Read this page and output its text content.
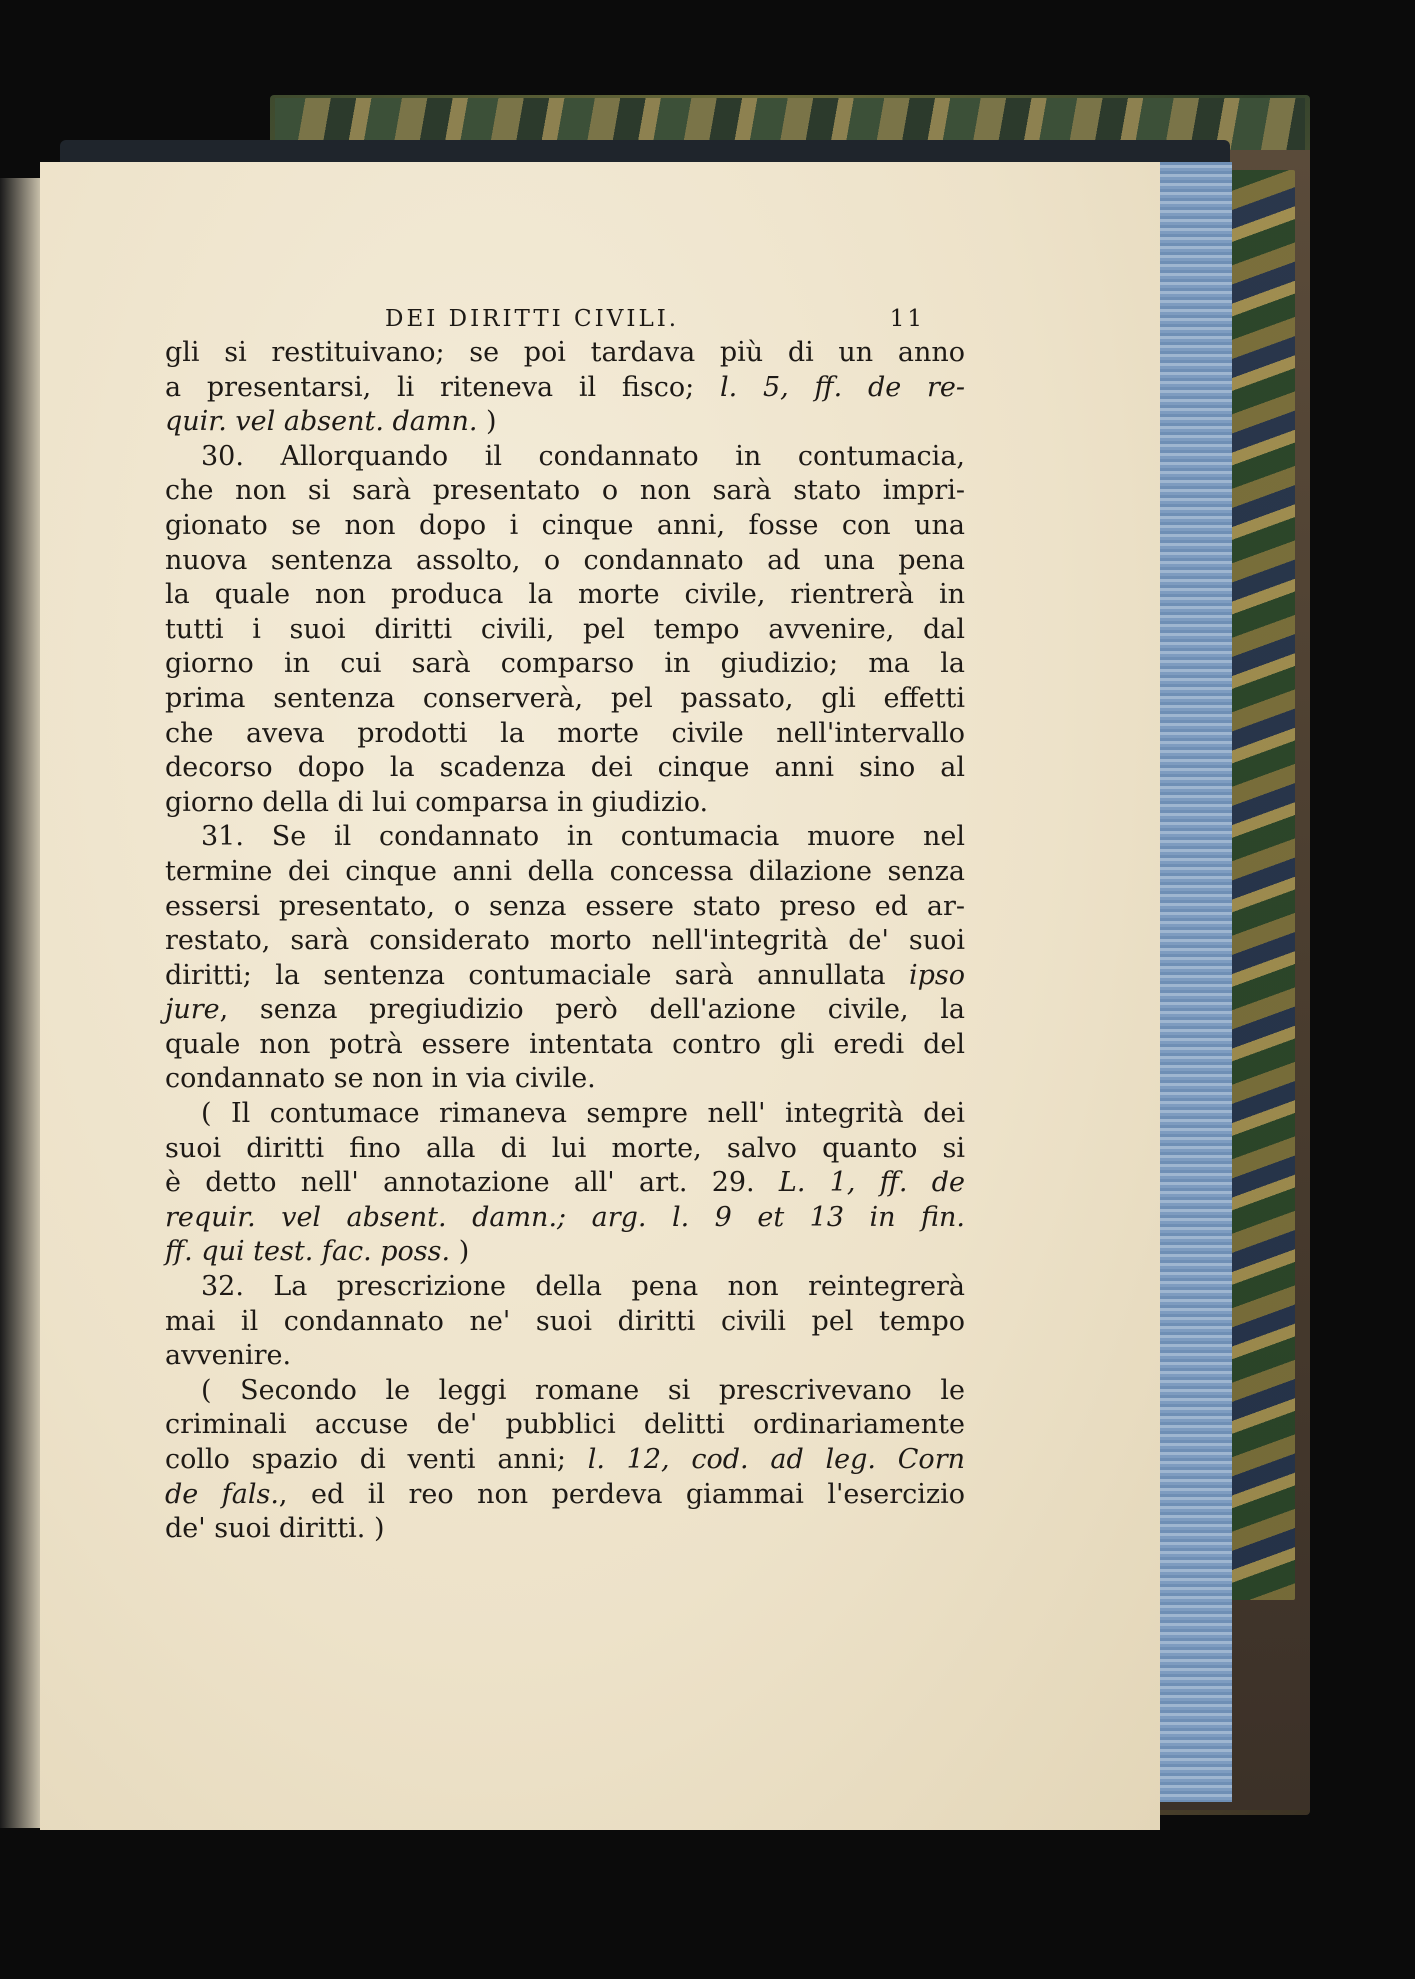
DEI DIRITTI CIVILI.	11
gli si restituivano; se poi tardava più di un anno
a presentarsi, li riteneva il fisco; l. 5, ff. de re-
quir. vel absent. damn. )
30. Allorquando il condannato in contumacia,
che non si sarà presentato o non sarà stato impri-
gionato se non dopo i cinque anni, fosse con una
nuova sentenza assolto, o condannato ad una pena
la quale non produca la morte civile, rientrerà in
tutti i suoi diritti civili, pel tempo avvenire, dal
giorno in cui sarà comparso in giudizio; ma la
prima sentenza conserverà, pel passato, gli effetti
che aveva prodotti la morte civile nell'intervallo
decorso dopo la scadenza dei cinque anni sino al
giorno della di lui comparsa in giudizio.
31. Se il condannato in contumacia muore nel
termine dei cinque anni della concessa dilazione senza
essersi presentato, o senza essere stato preso ed ar-
restato, sarà considerato morto nell'integrità de' suoi
diritti; la sentenza contumaciale sarà annullata ipso
jure, senza pregiudizio però dell'azione civile, la
quale non potrà essere intentata contro gli eredi del
condannato se non in via civile.
( Il contumace rimaneva sempre nell' integrità dei
suoi diritti fino alla di lui morte, salvo quanto si
è detto nell' annotazione all' art. 29. L. 1, ff. de
requir. vel absent. damn.; arg. l. 9 et 13 in fin.
ff. qui test. fac. poss. )
32. La prescrizione della pena non reintegrerà
mai il condannato ne' suoi diritti civili pel tempo
avvenire.
( Secondo le leggi romane si prescrivevano le
criminali accuse de' pubblici delitti ordinariamente
collo spazio di venti anni; l. 12, cod. ad leg. Corn
de fals., ed il reo non perdeva giammai l'esercizio
de' suoi diritti. )
